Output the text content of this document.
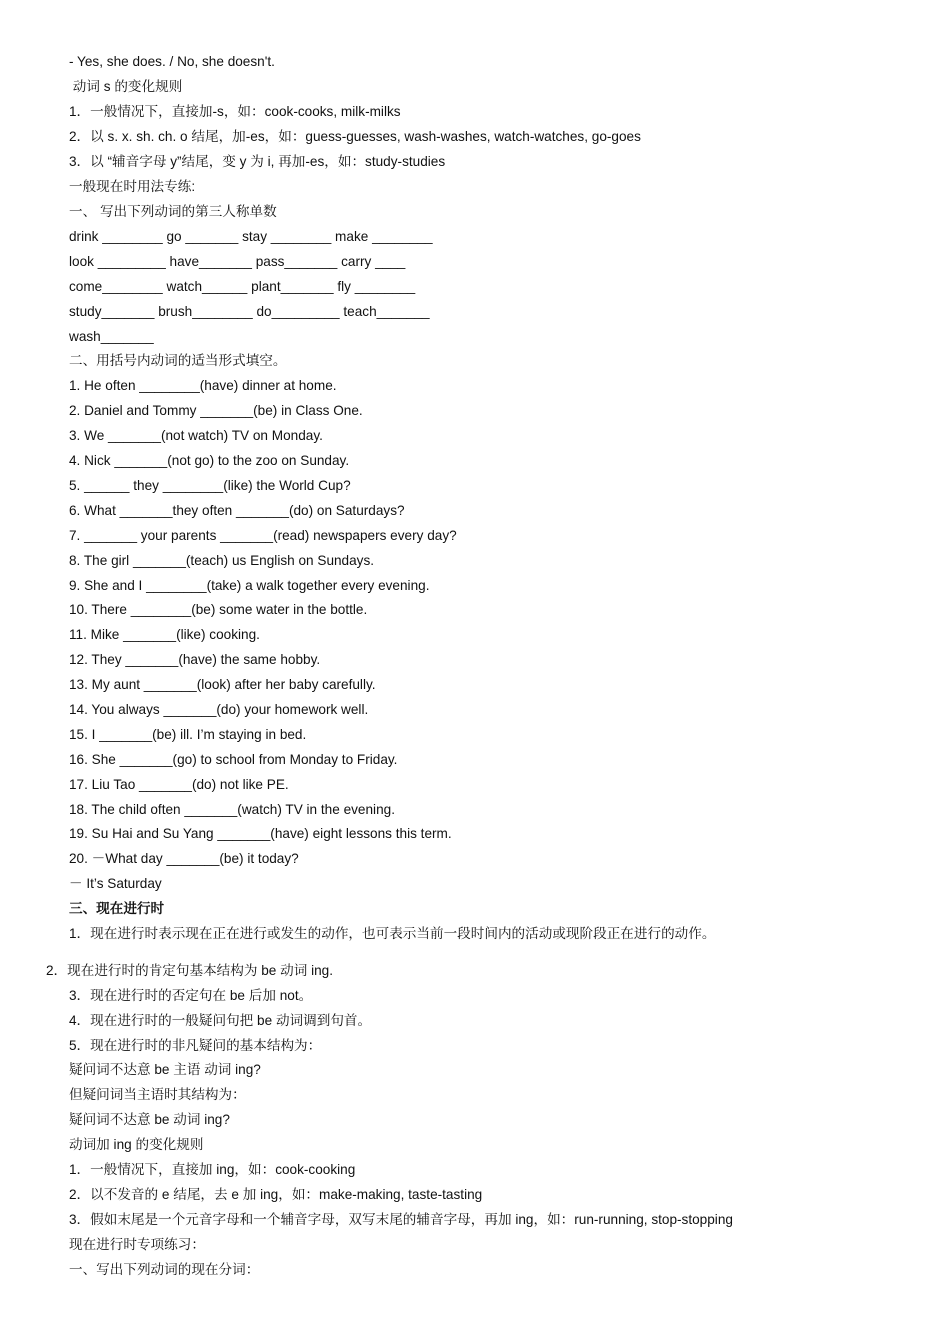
- Yes, she does. / No, she doesn't.
动词 s 的变化规则
1．一般情况下，直接加-s，如：cook-cooks, milk-milks
2．以 s. x. sh. ch. o 结尾，加-es，如：guess-guesses, wash-washes, watch-watches, go-goes
3．以 “辅音字母 y”结尾，变 y 为 i, 再加-es，如：study-studies
一般现在时用法专练:
一、 写出下列动词的第三人称单数
drink ________ go _______ stay ________ make ________
look _________ have_______ pass_______ carry ____
come________ watch______ plant_______ fly ________
study_______ brush________ do_________ teach_______
wash_______
二、用括号内动词的适当形式填空。
1. He often ________(have) dinner at home.
2. Daniel and Tommy _______(be) in Class One.
3. We _______(not watch) TV on Monday.
4. Nick _______(not go) to the zoo on Sunday.
5. ______ they ________(like) the World Cup?
6. What _______they often _______(do) on Saturdays?
7. _______ your parents _______(read) newspapers every day?
8. The girl _______(teach) us English on Sundays.
9. She and I ________(take) a walk together every evening.
10. There ________(be) some water in the bottle.
11. Mike _______(like) cooking.
12. They _______(have) the same hobby.
13. My aunt _______(look) after her baby carefully.
14. You always _______(do) your homework well.
15. I _______(be) ill. I’m staying in bed.
16. She _______(go) to school from Monday to Friday.
17. Liu Tao _______(do) not like PE.
18. The child often _______(watch) TV in the evening.
19. Su Hai and Su Yang _______(have) eight lessons this term.
20. －What day _______(be) it today?
－ It’s Saturday
三、现在进行时
1．现在进行时表示现在正在进行或发生的动作，也可表示当前一段时间内的活动或现阶段正在进行的动作。
2．现在进行时的肯定句基本结构为 be 动词 ing.
3．现在进行时的否定句在 be 后加 not。
4．现在进行时的一般疑问句把 be 动词调到句首。
5．现在进行时的非凡疑问的基本结构为：
疑问词不达意 be 主语 动词 ing?
但疑问词当主语时其结构为：
疑问词不达意 be 动词 ing?
动词加 ing 的变化规则
1．一般情况下，直接加 ing，如：cook-cooking
2．以不发音的 e 结尾，去 e 加 ing，如：make-making, taste-tasting
3．假如末尾是一个元音字母和一个辅音字母，双写末尾的辅音字母，再加 ing，如：run-running, stop-stopping
现在进行时专项练习：
一、写出下列动词的现在分词：
